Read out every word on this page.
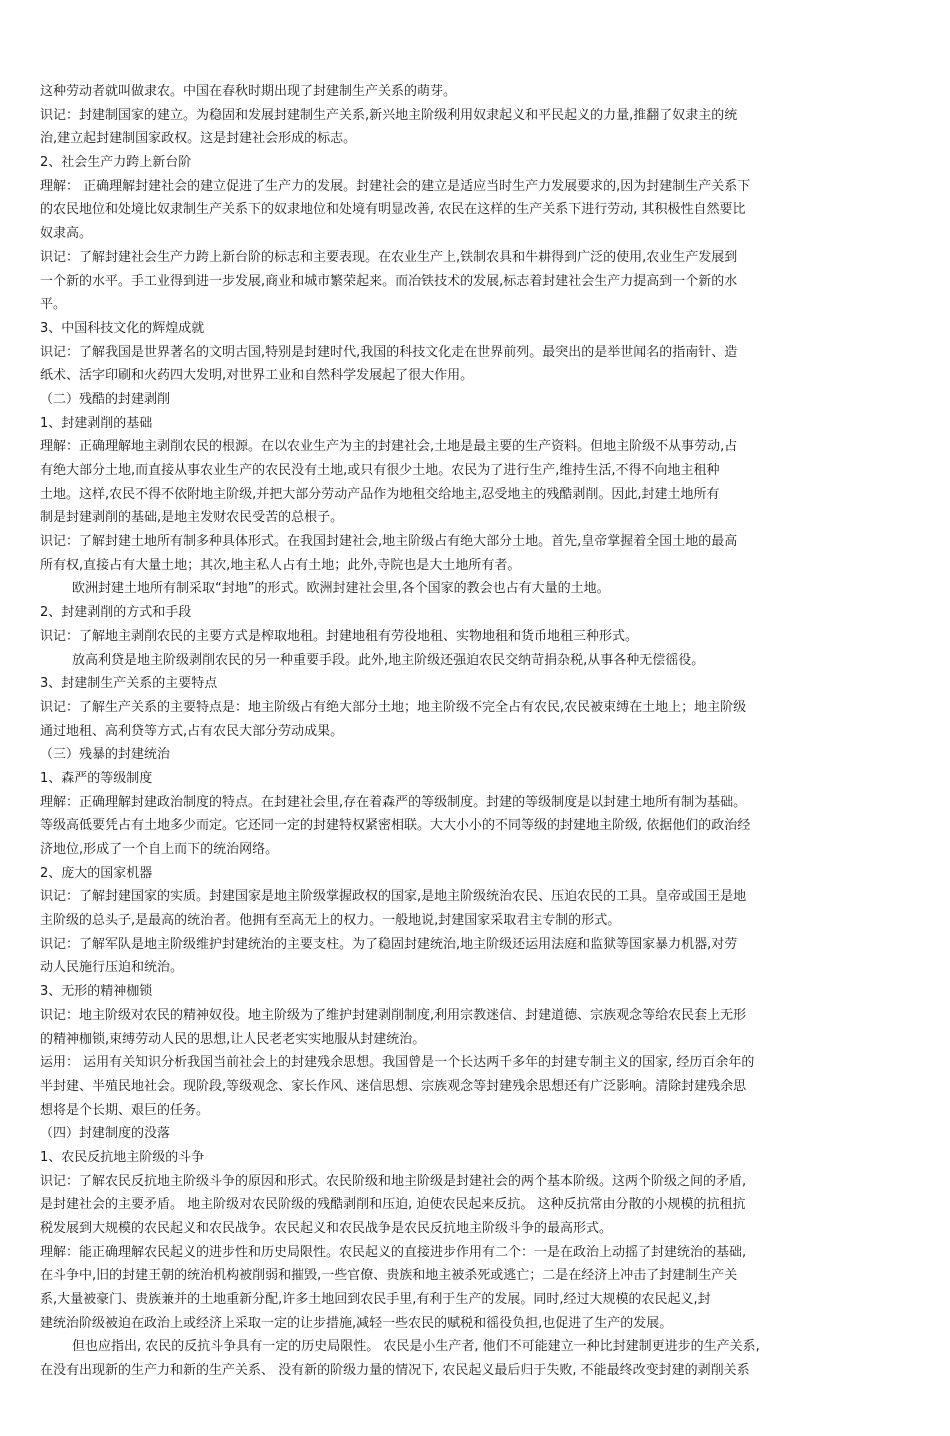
这种劳动者就叫做隶农。中国在春秋时期出现了封建制生产关系的萌芽。
识记：封建制国家的建立。为稳固和发展封建制生产关系,新兴地主阶级利用奴隶起义和平民起义的力量,推翻了奴隶主的统
治,建立起封建制国家政权。这是封建社会形成的标志。
2、社会生产力跨上新台阶
理解： 正确理解封建社会的建立促进了生产力的发展。封建社会的建立是适应当时生产力发展要求的,因为封建制生产关系下
的农民地位和处境比奴隶制生产关系下的奴隶地位和处境有明显改善, 农民在这样的生产关系下进行劳动, 其积极性自然要比
奴隶高。
识记：了解封建社会生产力跨上新台阶的标志和主要表现。在农业生产上,铁制农具和牛耕得到广泛的使用,农业生产发展到
一个新的水平。手工业得到进一步发展,商业和城市繁荣起来。而冶铁技术的发展,标志着封建社会生产力提高到一个新的水
平。
3、中国科技文化的辉煌成就
识记：了解我国是世界著名的文明古国,特别是封建时代,我国的科技文化走在世界前列。最突出的是举世闻名的指南针、造
纸术、活字印刷和火药四大发明,对世界工业和自然科学发展起了很大作用。
（二）残酷的封建剥削
1、封建剥削的基础
理解：正确理解地主剥削农民的根源。在以农业生产为主的封建社会,土地是最主要的生产资料。但地主阶级不从事劳动,占
有绝大部分土地,而直接从事农业生产的农民没有土地,或只有很少土地。农民为了进行生产,维持生活,不得不向地主租种
土地。这样,农民不得不依附地主阶级,并把大部分劳动产品作为地租交给地主,忍受地主的残酷剥削。因此,封建土地所有
制是封建剥削的基础,是地主发财农民受苦的总根子。
识记：了解封建土地所有制多种具体形式。在我国封建社会,地主阶级占有绝大部分土地。首先,皇帝掌握着全国土地的最高
所有权,直接占有大量土地；其次,地主私人占有土地；此外,寺院也是大土地所有者。
欧洲封建土地所有制采取“封地”的形式。欧洲封建社会里,各个国家的教会也占有大量的土地。
2、封建剥削的方式和手段
识记：了解地主剥削农民的主要方式是榨取地租。封建地租有劳役地租、实物地租和货币地租三种形式。
放高利贷是地主阶级剥削农民的另一种重要手段。此外,地主阶级还强迫农民交纳苛捐杂税,从事各种无偿徭役。
3、封建制生产关系的主要特点
识记：了解生产关系的主要特点是：地主阶级占有绝大部分土地；地主阶级不完全占有农民,农民被束缚在土地上；地主阶级
通过地租、高利贷等方式,占有农民大部分劳动成果。
（三）残暴的封建统治
1、森严的等级制度
理解：正确理解封建政治制度的特点。在封建社会里,存在着森严的等级制度。封建的等级制度是以封建土地所有制为基础。
等级高低要凭占有土地多少而定。它还同一定的封建特权紧密相联。大大小小的不同等级的封建地主阶级, 依据他们的政治经
济地位,形成了一个自上而下的统治网络。
2、庞大的国家机器
识记：了解封建国家的实质。封建国家是地主阶级掌握政权的国家,是地主阶级统治农民、压迫农民的工具。皇帝或国王是地
主阶级的总头子,是最高的统治者。他拥有至高无上的权力。一般地说,封建国家采取君主专制的形式。
识记：了解军队是地主阶级维护封建统治的主要支柱。为了稳固封建统治,地主阶级还运用法庭和监狱等国家暴力机器,对劳
动人民施行压迫和统治。
3、无形的精神枷锁
识记：地主阶级对农民的精神奴役。地主阶级为了维护封建剥削制度,利用宗教迷信、封建道德、宗族观念等给农民套上无形
的精神枷锁,束缚劳动人民的思想,让人民老老实实地服从封建统治。
运用： 运用有关知识分析我国当前社会上的封建残余思想。我国曾是一个长达两千多年的封建专制主义的国家, 经历百余年的
半封建、半殖民地社会。现阶段,等级观念、家长作风、迷信思想、宗族观念等封建残余思想还有广泛影响。清除封建残余思
想将是个长期、艰巨的任务。
（四）封建制度的没落
1、农民反抗地主阶级的斗争
识记：了解农民反抗地主阶级斗争的原因和形式。农民阶级和地主阶级是封建社会的两个基本阶级。这两个阶级之间的矛盾,
是封建社会的主要矛盾。 地主阶级对农民阶级的残酷剥削和压迫, 迫使农民起来反抗。 这种反抗常由分散的小规模的抗租抗
税发展到大规模的农民起义和农民战争。农民起义和农民战争是农民反抗地主阶级斗争的最高形式。
理解：能正确理解农民起义的进步性和历史局限性。农民起义的直接进步作用有二个：一是在政治上动摇了封建统治的基础,
在斗争中,旧的封建王朝的统治机构被削弱和摧毁,一些官僚、贵族和地主被杀死或逃亡；二是在经济上冲击了封建制生产关
系,大量被豪门、贵族兼并的土地重新分配,许多土地回到农民手里,有利于生产的发展。同时,经过大规模的农民起义,封
建统治阶级被迫在政治上或经济上采取一定的让步措施,减轻一些农民的赋税和徭役负担,也促进了生产的发展。
但也应指出, 农民的反抗斗争具有一定的历史局限性。 农民是小生产者, 他们不可能建立一种比封建制更进步的生产关系,
在没有出现新的生产力和新的生产关系、 没有新的阶级力量的情况下, 农民起义最后归于失败, 不能最终改变封建的剥削关系
